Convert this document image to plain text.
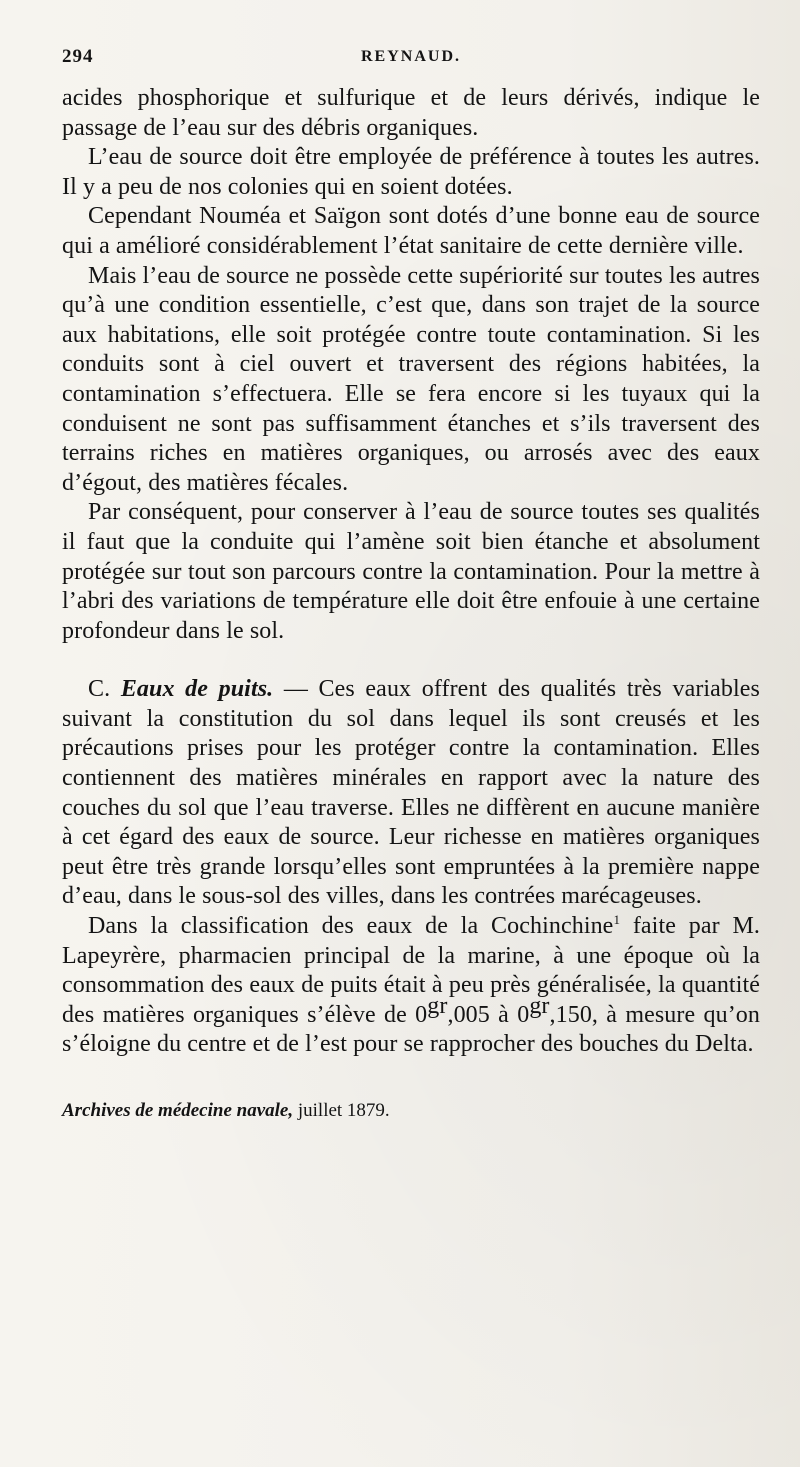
294	REYNAUD.

acides phosphorique et sulfurique et de leurs dérivés, indique le passage de l’eau sur des débris organiques.

L’eau de source doit être employée de préférence à toutes les autres. Il y a peu de nos colonies qui en soient dotées.

Cependant Nouméa et Saïgon sont dotés d’une bonne eau de source qui a amélioré considérablement l’état sanitaire de cette dernière ville.

Mais l’eau de source ne possède cette supériorité sur toutes les autres qu’à une condition essentielle, c’est que, dans son trajet de la source aux habitations, elle soit protégée contre toute contamination. Si les conduits sont à ciel ouvert et traversent des régions habitées, la contamination s’effectuera. Elle se fera encore si les tuyaux qui la conduisent ne sont pas suffisamment étanches et s’ils traversent des terrains riches en matières organiques, ou arrosés avec des eaux d’égout, des matières fécales.

Par conséquent, pour conserver à l’eau de source toutes ses qualités il faut que la conduite qui l’amène soit bien étanche et absolument protégée sur tout son parcours contre la contamination. Pour la mettre à l’abri des variations de température elle doit être enfouie à une certaine profondeur dans le sol.

C. Eaux de puits. — Ces eaux offrent des qualités très variables suivant la constitution du sol dans lequel ils sont creusés et les précautions prises pour les protéger contre la contamination. Elles contiennent des matières minérales en rapport avec la nature des couches du sol que l’eau traverse. Elles ne diffèrent en aucune manière à cet égard des eaux de source. Leur richesse en matières organiques peut être très grande lorsqu’elles sont empruntées à la première nappe d’eau, dans le sous-sol des villes, dans les contrées marécageuses.

Dans la classification des eaux de la Cochinchine$^1$ faite par M. Lapeyrère, pharmacien principal de la marine, à une époque où la consommation des eaux de puits était à peu près généralisée, la quantité des matières organiques s’élève de $0^{gr},005$ à $0^{gr},150$, à mesure qu’on s’éloigne du centre et de l’est pour se rapprocher des bouches du Delta.

Archives de médecine navale, juillet 1879.
